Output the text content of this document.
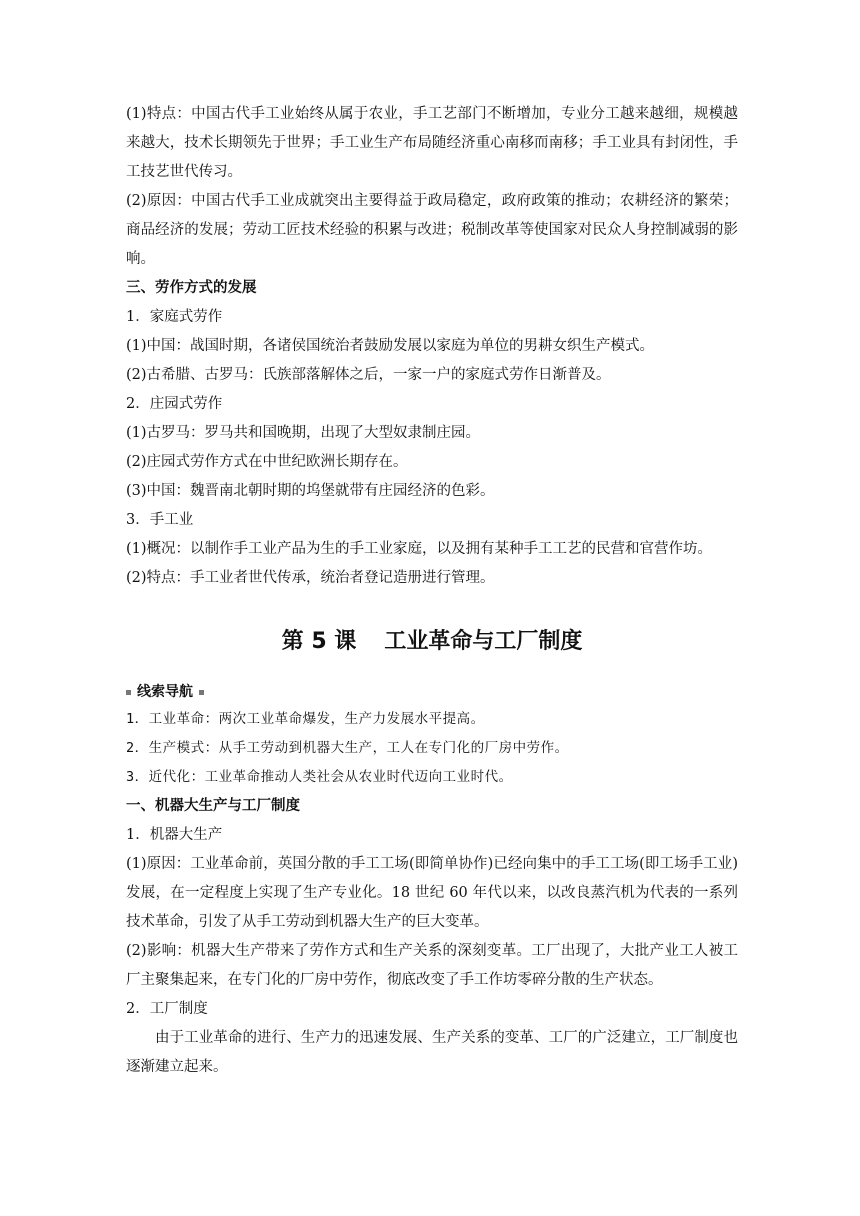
(1)特点：中国古代手工业始终从属于农业，手工艺部门不断增加，专业分工越来越细，规模越来越大，技术长期领先于世界；手工业生产布局随经济重心南移而南移；手工业具有封闭性，手工技艺世代传习。

(2)原因：中国古代手工业成就突出主要得益于政局稳定，政府政策的推动；农耕经济的繁荣；商品经济的发展；劳动工匠技术经验的积累与改进；税制改革等使国家对民众人身控制减弱的影响。

三、劳作方式的发展

1．家庭式劳作

(1)中国：战国时期，各诸侯国统治者鼓励发展以家庭为单位的男耕女织生产模式。

(2)古希腊、古罗马：氏族部落解体之后，一家一户的家庭式劳作日渐普及。

2．庄园式劳作

(1)古罗马：罗马共和国晚期，出现了大型奴隶制庄园。

(2)庄园式劳作方式在中世纪欧洲长期存在。

(3)中国：魏晋南北朝时期的坞堡就带有庄园经济的色彩。

3．手工业

(1)概况：以制作手工业产品为生的手工业家庭，以及拥有某种手工工艺的民营和官营作坊。

(2)特点：手工业者世代传承，统治者登记造册进行管理。

第 5 课 工业革命与工厂制度
线索导航

1．工业革命：两次工业革命爆发，生产力发展水平提高。

2．生产模式：从手工劳动到机器大生产，工人在专门化的厂房中劳作。

3．近代化：工业革命推动人类社会从农业时代迈向工业时代。

一、机器大生产与工厂制度

1．机器大生产

(1)原因：工业革命前，英国分散的手工工场(即简单协作)已经向集中的手工工场(即工场手工业)发展，在一定程度上实现了生产专业化。18 世纪 60 年代以来，以改良蒸汽机为代表的一系列技术革命，引发了从手工劳动到机器大生产的巨大变革。

(2)影响：机器大生产带来了劳作方式和生产关系的深刻变革。工厂出现了，大批产业工人被工厂主聚集起来，在专门化的厂房中劳作，彻底改变了手工作坊零碎分散的生产状态。

2．工厂制度

由于工业革命的进行、生产力的迅速发展、生产关系的变革、工厂的广泛建立，工厂制度也逐渐建立起来。
